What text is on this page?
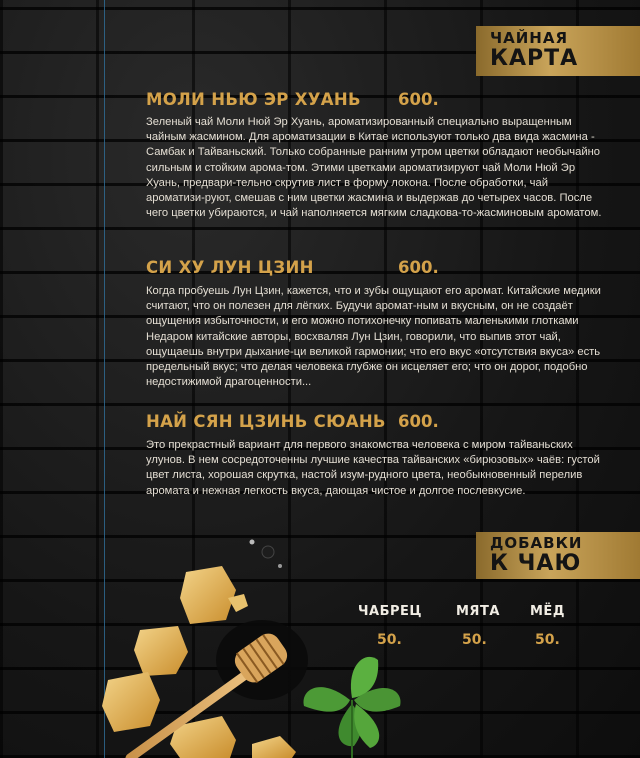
ЧАЙНАЯ
КАРТА
МОЛИ НЬЮ ЭР ХУАНЬ 600.
Зеленый чай Моли Нюй Эр Хуань, ароматизированный специально выращенным чайным жасмином. Для ароматизации в Китае используют только два вида жасмина - Самбак и Тайваньский. Только собранные ранним утром цветки обладают необычайно сильным и стойким арома-том. Этими цветками ароматизируют чай Моли Нюй Эр Хуань, предвари-тельно скрутив лист в форму локона. После обработки, чай ароматизи-руют, смешав с ним цветки жасмина и выдержав до четырех часов. После чего цветки убираются, и чай наполняется мягким сладкова-то-жасминовым ароматом.
СИ ХУ ЛУН ЦЗИН	600.
Когда пробуешь Лун Цзин, кажется, что и зубы ощущают его аромат. Китайские медики считают, что он полезен для лёгких. Будучи аромат-ным и вкусным, он не создаёт ощущения избыточности, и его можно потихонечку попивать маленькими глотками Недаром китайские авторы, восхваляя Лун Цзин, говорили, что выпив этот чай, ощущаешь внутри дыхание-ци великой гармонии; что его вкус «отсутствия вкуса» есть предельный вкус; что делая человека глубже он исцеляет его; что он дорог, подобно недостижимой драгоценности...
НАЙ СЯН ЦЗИНЬ СЮАНЬ 600.
Это прекрастный вариант для первого знакомства человека с миром тайваньских улунов. В нем сосредоточенны лучшие качества тайванских «бирюзовых» чаёв: густой цвет листа, хорошая скрутка, настой изум-рудного цвета, необыкновенный перелив аромата и нежная легкость вкуса, дающая чистое и долгое послевкусие.
ДОБАВКИ
К ЧАЮ
ЧАБРЕЦ	МЯТА МЁД
50.	50.	50.
